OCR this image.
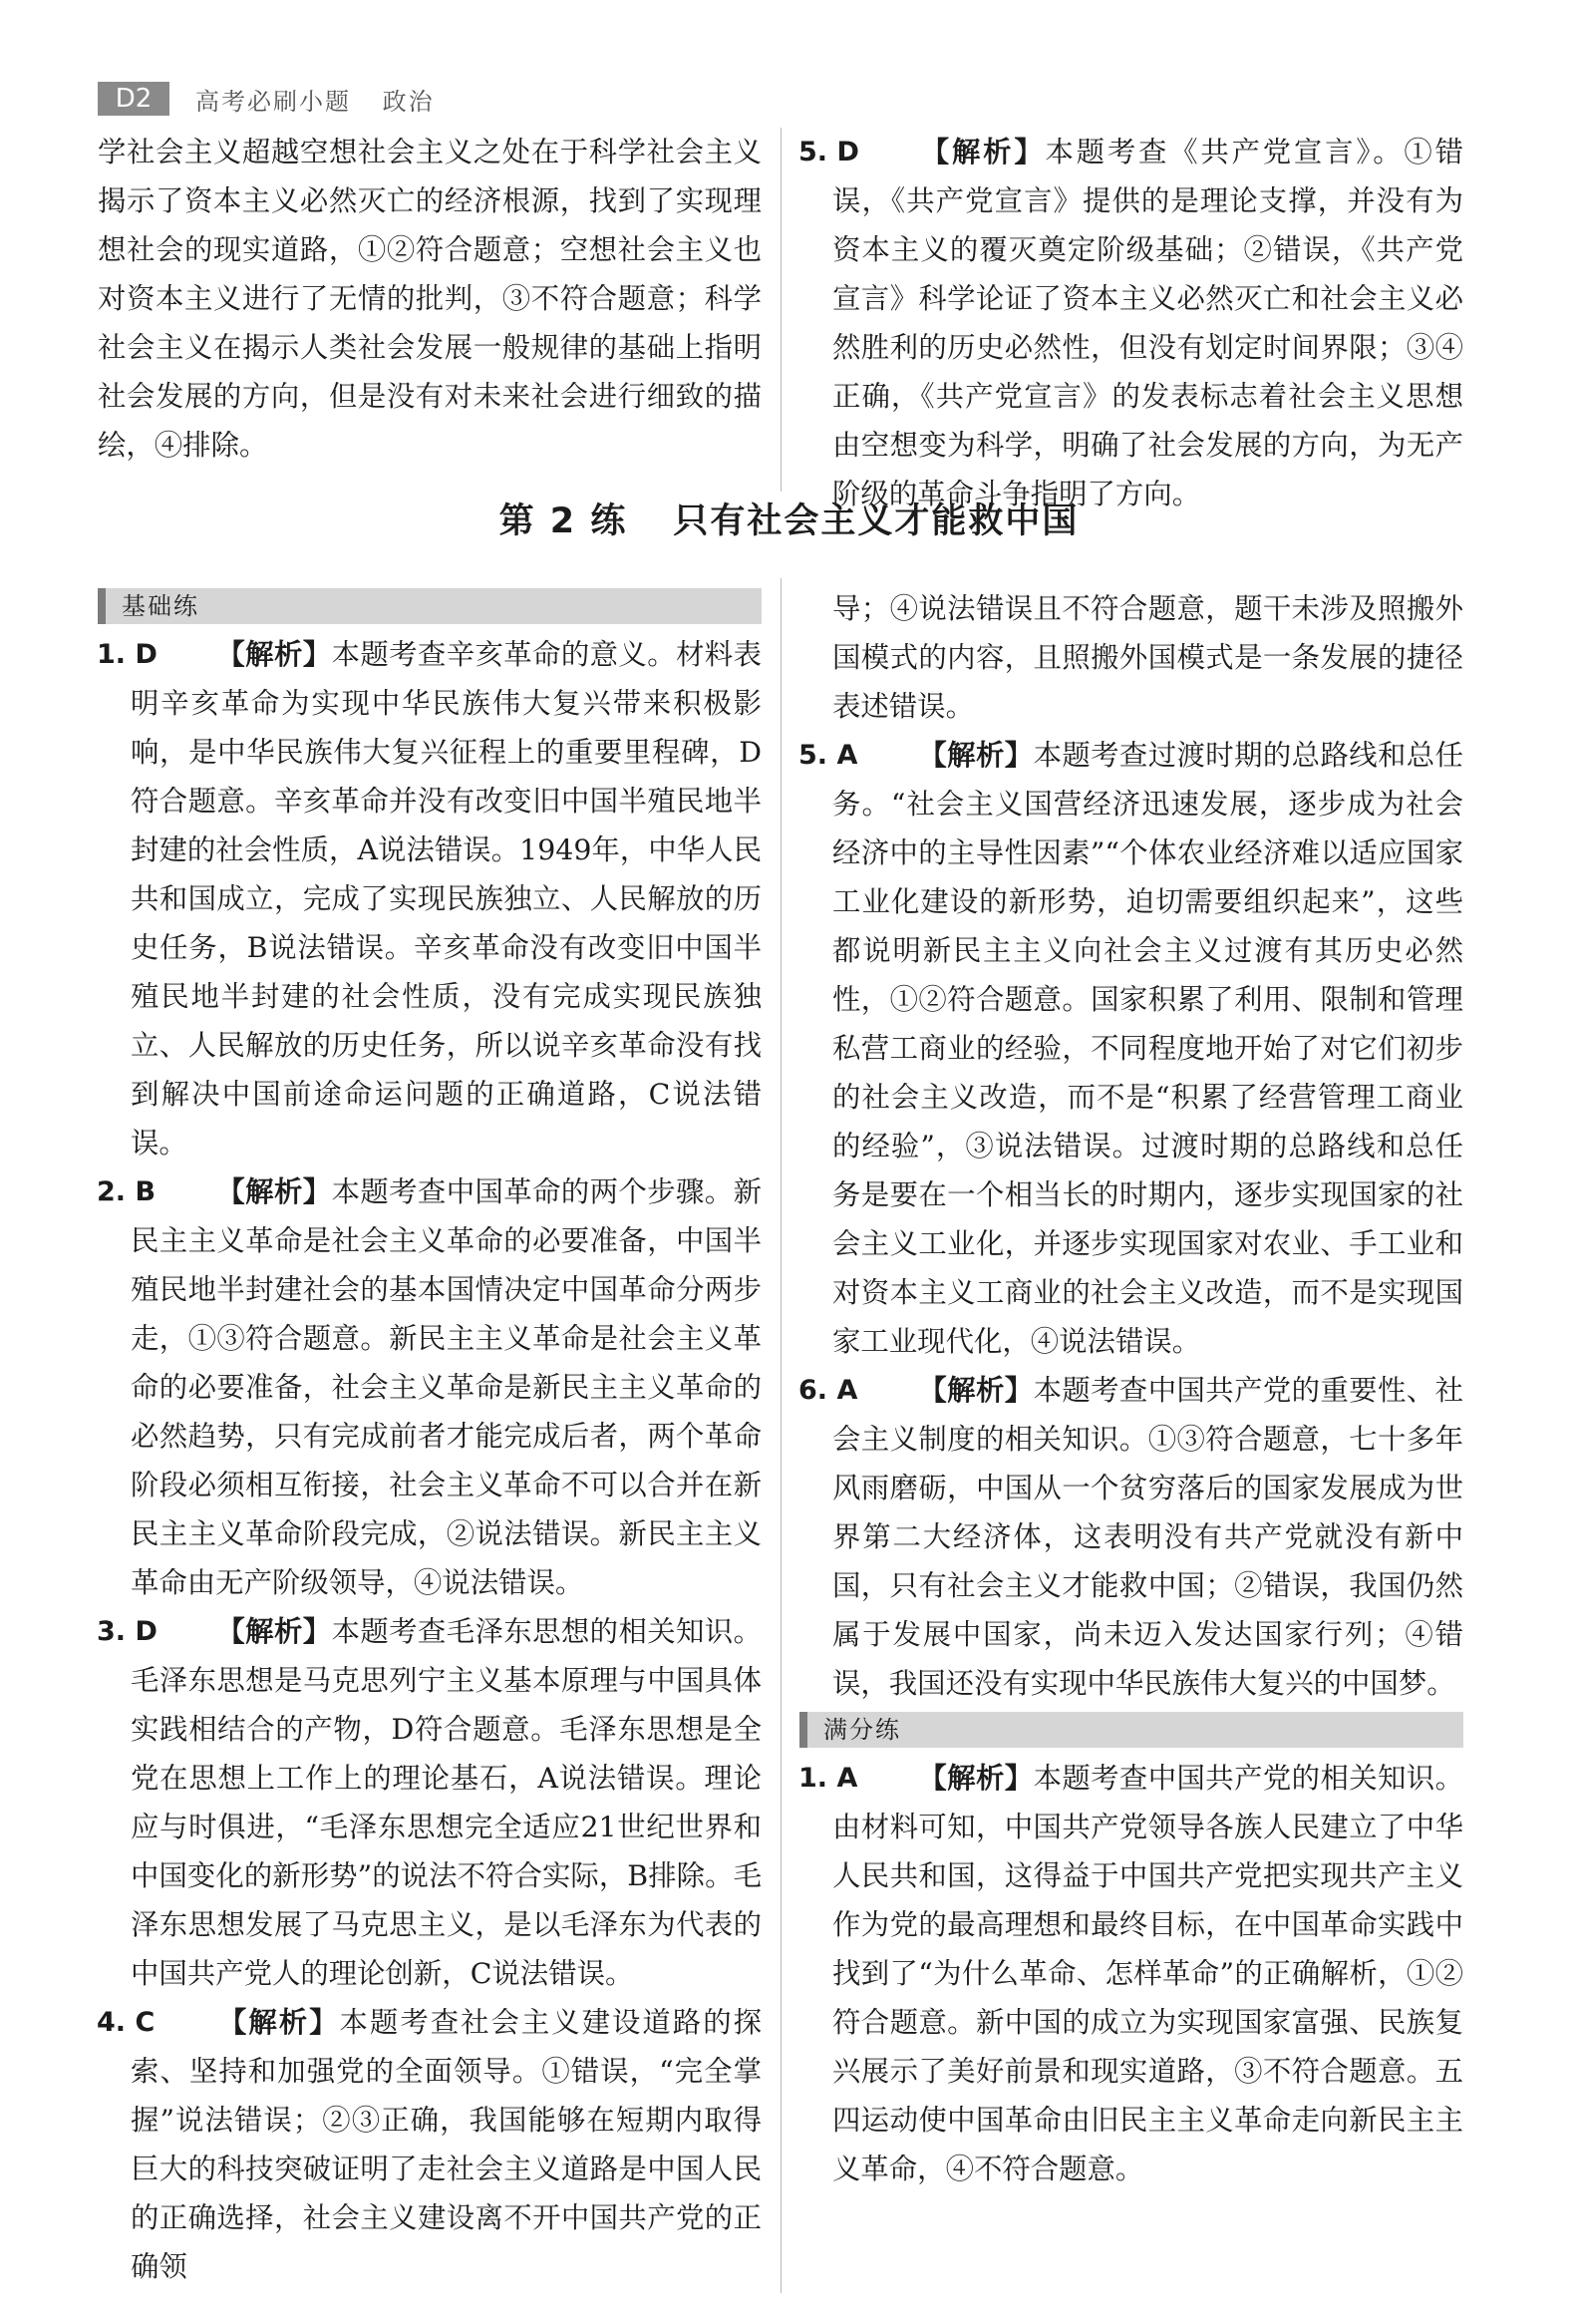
D2	高考必刷小题 政治

学社会主义超越空想社会主义之处在于科学社会主义揭示了资本主义必然灭亡的经济根源，找到了实现理想社会的现实道路，①②符合题意；空想社会主义也对资本主义进行了无情的批判，③不符合题意；科学社会主义在揭示人类社会发展一般规律的基础上指明社会发展的方向，但是没有对未来社会进行细致的描绘，④排除。

5. D 【解析】本题考查《共产党宣言》。①错误，《共产党宣言》提供的是理论支撑，并没有为资本主义的覆灭奠定阶级基础；②错误，《共产党宣言》科学论证了资本主义必然灭亡和社会主义必然胜利的历史必然性，但没有划定时间界限；③④正确，《共产党宣言》的发表标志着社会主义思想由空想变为科学，明确了社会发展的方向，为无产阶级的革命斗争指明了方向。
第 2 练 只有社会主义才能救中国
基础练
1. D 【解析】本题考查辛亥革命的意义。材料表明辛亥革命为实现中华民族伟大复兴带来积极影响，是中华民族伟大复兴征程上的重要里程碑，D符合题意。辛亥革命并没有改变旧中国半殖民地半封建的社会性质，A说法错误。1949年，中华人民共和国成立，完成了实现民族独立、人民解放的历史任务，B说法错误。辛亥革命没有改变旧中国半殖民地半封建的社会性质，没有完成实现民族独立、人民解放的历史任务，所以说辛亥革命没有找到解决中国前途命运问题的正确道路，C说法错误。
2. B 【解析】本题考查中国革命的两个步骤。新民主主义革命是社会主义革命的必要准备，中国半殖民地半封建社会的基本国情决定中国革命分两步走，①③符合题意。新民主主义革命是社会主义革命的必要准备，社会主义革命是新民主主义革命的必然趋势，只有完成前者才能完成后者，两个革命阶段必须相互衔接，社会主义革命不可以合并在新民主主义革命阶段完成，②说法错误。新民主主义革命由无产阶级领导，④说法错误。
3. D 【解析】本题考查毛泽东思想的相关知识。毛泽东思想是马克思列宁主义基本原理与中国具体实践相结合的产物，D符合题意。毛泽东思想是全党在思想上工作上的理论基石，A说法错误。理论应与时俱进，“毛泽东思想完全适应21世纪世界和中国变化的新形势”的说法不符合实际，B排除。毛泽东思想发展了马克思主义，是以毛泽东为代表的中国共产党人的理论创新，C说法错误。
4. C 【解析】本题考查社会主义建设道路的探索、坚持和加强党的全面领导。①错误，“完全掌握”说法错误；②③正确，我国能够在短期内取得巨大的科技突破证明了走社会主义道路是中国人民的正确选择，社会主义建设离不开中国共产党的正确领

导；④说法错误且不符合题意，题干未涉及照搬外国模式的内容，且照搬外国模式是一条发展的捷径表述错误。

5. A 【解析】本题考查过渡时期的总路线和总任务。“社会主义国营经济迅速发展，逐步成为社会经济中的主导性因素”“个体农业经济难以适应国家工业化建设的新形势，迫切需要组织起来”，这些都说明新民主主义向社会主义过渡有其历史必然性，①②符合题意。国家积累了利用、限制和管理私营工商业的经验，不同程度地开始了对它们初步的社会主义改造，而不是“积累了经营管理工商业的经验”，③说法错误。过渡时期的总路线和总任务是要在一个相当长的时期内，逐步实现国家的社会主义工业化，并逐步实现国家对农业、手工业和对资本主义工商业的社会主义改造，而不是实现国家工业现代化，④说法错误。
6. A 【解析】本题考查中国共产党的重要性、社会主义制度的相关知识。①③符合题意，七十多年风雨磨砺，中国从一个贫穷落后的国家发展成为世界第二大经济体，这表明没有共产党就没有新中国，只有社会主义才能救中国；②错误，我国仍然属于发展中国家，尚未迈入发达国家行列；④错误，我国还没有实现中华民族伟大复兴的中国梦。
满分练
1. A 【解析】本题考查中国共产党的相关知识。由材料可知，中国共产党领导各族人民建立了中华人民共和国，这得益于中国共产党把实现共产主义作为党的最高理想和最终目标，在中国革命实践中找到了“为什么革命、怎样革命”的正确解析，①②符合题意。新中国的成立为实现国家富强、民族复兴展示了美好前景和现实道路，③不符合题意。五四运动使中国革命由旧民主主义革命走向新民主主义革命，④不符合题意。
